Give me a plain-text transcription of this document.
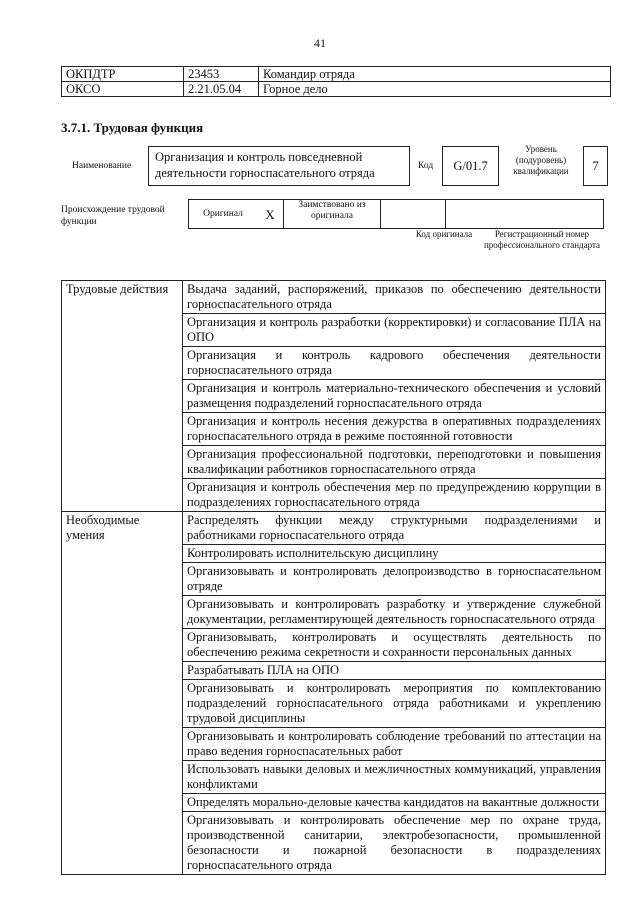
41
ОКПДТР	23453	Командир отряда
ОКСО	2.21.05.04	Горное дело
3.7.1. Трудовая функция
Наименование
Организация и контроль повседневной деятельности горноспасательного отряда	Код	G/01.7
Уровень (подуровень) квалификации	7
Происхождение трудовой функции
Оригинал	X	Заимствовано из оригинала		
Код оригинала	Регистрационный номер профессионального стандарта
Трудовые действия	Выдача заданий, распоряжений, приказов по обеспечению деятельности горноспасательного отряда
	Организация и контроль разработки (корректировки) и согласование ПЛА на ОПО
	Организация и контроль кадрового обеспечения деятельности горноспасательного отряда
	Организация и контроль материально-технического обеспечения и условий размещения подразделений горноспасательного отряда
	Организация и контроль несения дежурства в оперативных подразделениях горноспасательного отряда в режиме постоянной готовности
	Организация профессиональной подготовки, переподготовки и повышения квалификации работников горноспасательного отряда
	Организация и контроль обеспечения мер по предупреждению коррупции в подразделениях горноспасательного отряда
Необходимые умения	Распределять функции между структурными подразделениями и работниками горноспасательного отряда
	Контролировать исполнительскую дисциплину
	Организовывать и контролировать делопроизводство в горноспасательном отряде
	Организовывать и контролировать разработку и утверждение служебной документации, регламентирующей деятельность горноспасательного отряда
	Организовывать, контролировать и осуществлять деятельность по обеспечению режима секретности и сохранности персональных данных
	Разрабатывать ПЛА на ОПО
	Организовывать и контролировать мероприятия по комплектованию подразделений горноспасательного отряда работниками и укреплению трудовой дисциплины
	Организовывать и контролировать соблюдение требований по аттестации на право ведения горноспасательных работ
	Использовать навыки деловых и межличностных коммуникаций, управления конфликтами
	Определять морально-деловые качества кандидатов на вакантные должности
	Организовывать и контролировать обеспечение мер по охране труда, производственной санитарии, электробезопасности, промышленной безопасности и пожарной безопасности в подразделениях горноспасательного отряда
